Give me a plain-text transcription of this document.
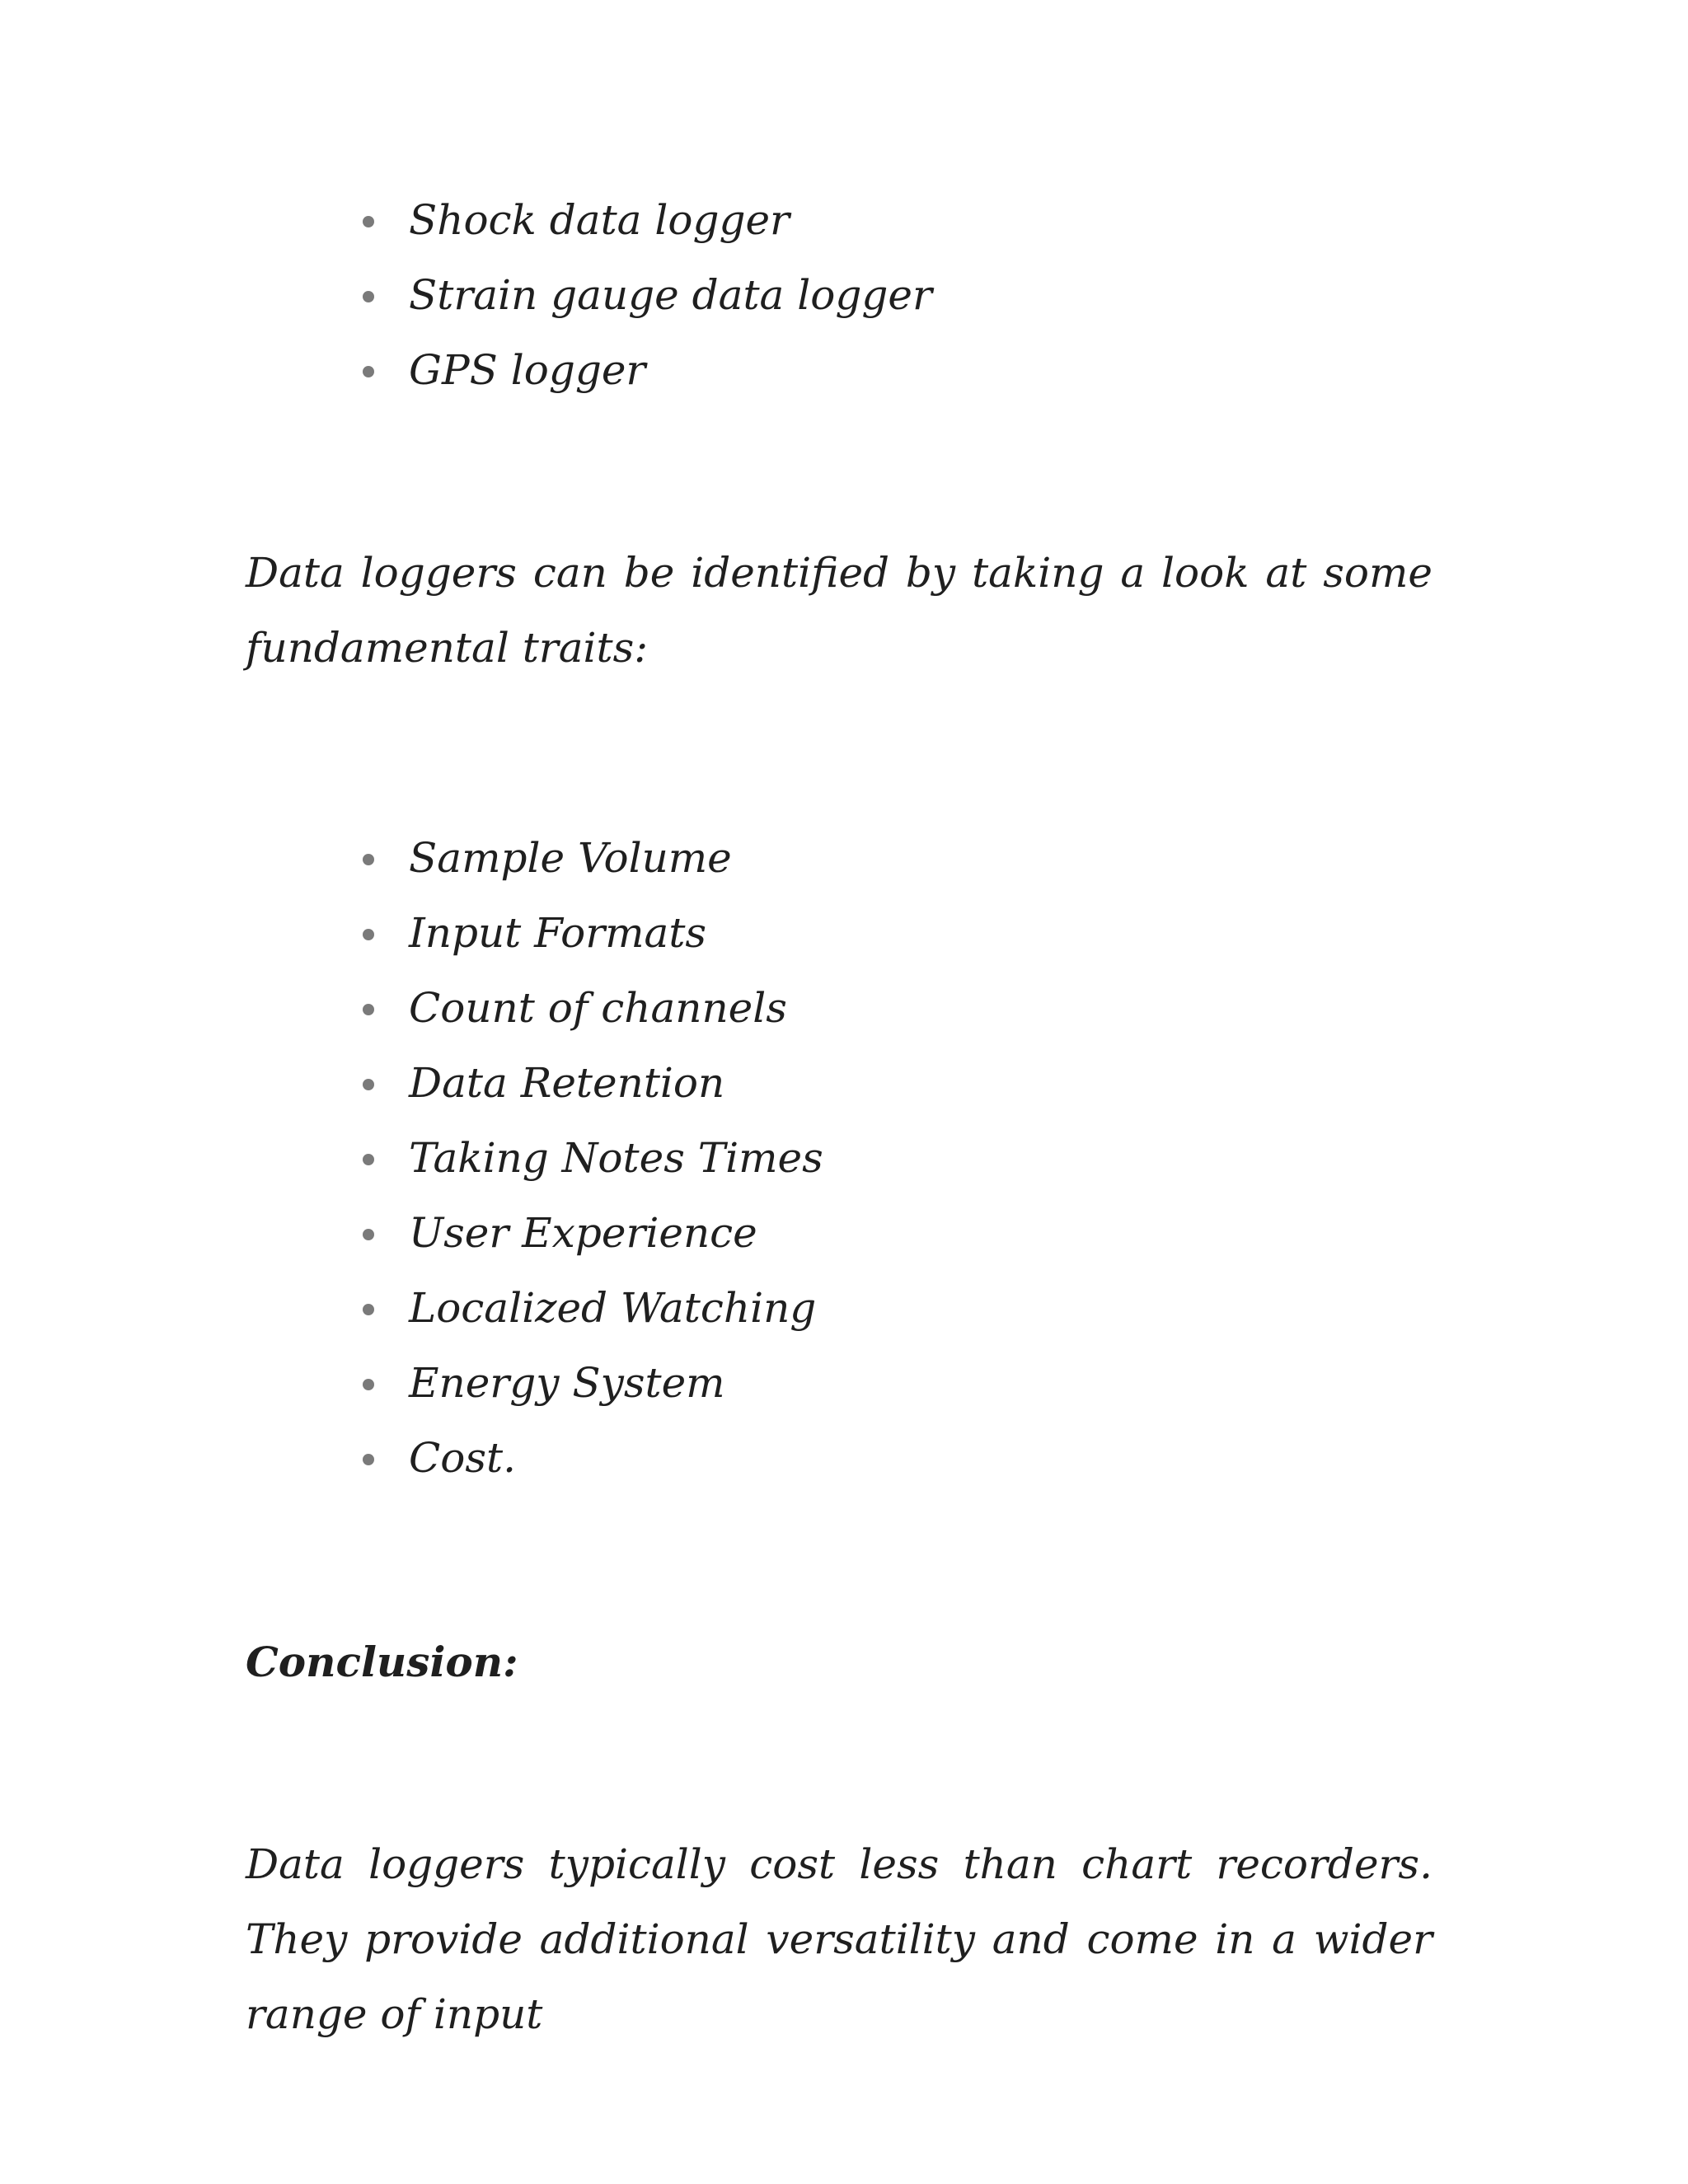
Shock data logger
Strain gauge data logger
GPS logger

Data loggers can be identified by taking a look at some fundamental traits:

Sample Volume
Input Formats
Count of channels
Data Retention
Taking Notes Times
User Experience
Localized Watching
Energy System
Cost.
Conclusion:

Data loggers typically cost less than chart recorders. They provide additional versatility and come in a wider range of input
